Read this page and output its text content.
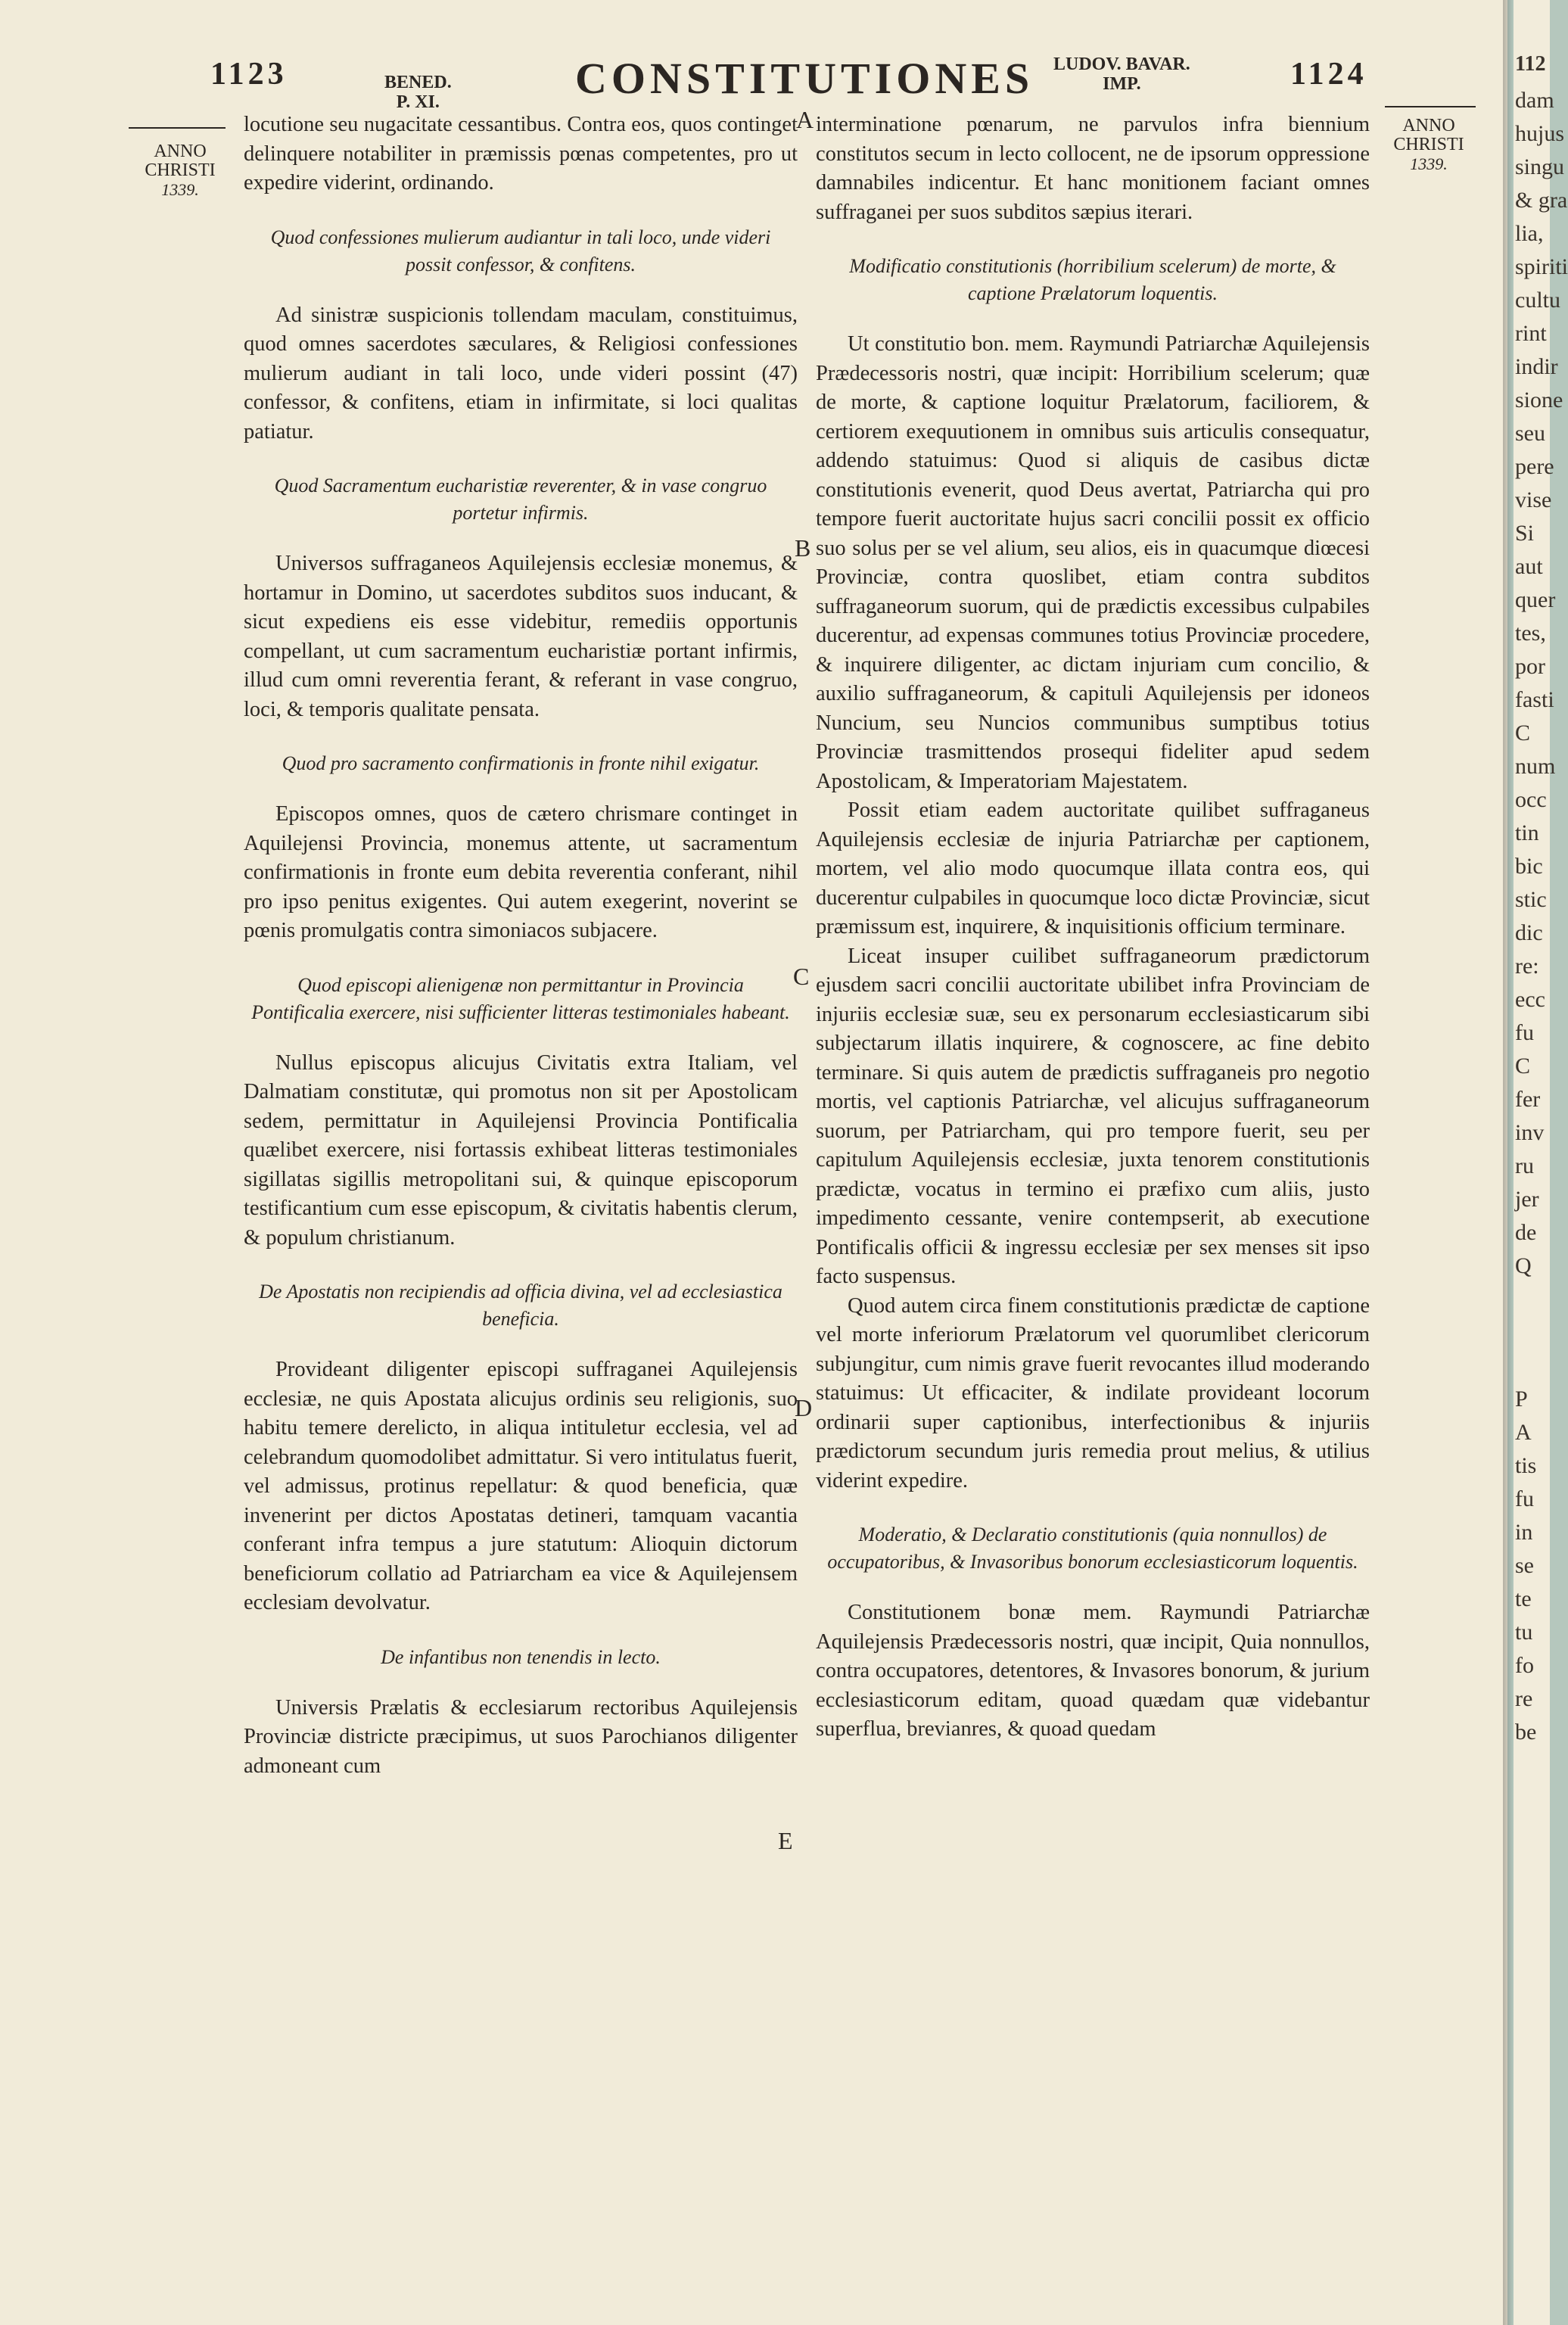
1123	BENED.
P. XI.	CONSTITUTIONES LUDOV. BAVAR.
IMP.	1124
ANNO
CHRISTI
1339.
ANNO
CHRISTI
1339.
A
B
C
D
E

locutione seu nugacitate cessantibus. Contra eos, quos continget delinquere notabiliter in præmissis pœnas competentes, pro ut expedire viderint, ordinando.

Quod confessiones mulierum audiantur in tali loco, unde videri possit confessor, & confitens.

Ad sinistræ suspicionis tollendam maculam, constituimus, quod omnes sacerdotes sæculares, & Religiosi confessiones mulierum audiant in tali loco, unde videri possint (47) confessor, & confitens, etiam in infirmitate, si loci qualitas patiatur.

Quod Sacramentum eucharistiæ reverenter, & in vase congruo portetur infirmis.

Universos suffraganeos Aquilejensis ecclesiæ monemus, & hortamur in Domino, ut sacerdotes subditos suos inducant, & sicut expediens eis esse videbitur, remediis opportunis compellant, ut cum sacramentum eucharistiæ portant infirmis, illud cum omni reverentia ferant, & referant in vase congruo, loci, & temporis qualitate pensata.

Quod pro sacramento confirmationis in fronte nihil exigatur.

Episcopos omnes, quos de cætero chrismare continget in Aquilejensi Provincia, monemus attente, ut sacramentum confirmationis in fronte eum debita reverentia conferant, nihil pro ipso penitus exigentes. Qui autem exegerint, noverint se pœnis promulgatis contra simoniacos subjacere.

Quod episcopi alienigenæ non permittantur in Provincia Pontificalia exercere, nisi sufficienter litteras testimoniales habeant.

Nullus episcopus alicujus Civitatis extra Italiam, vel Dalmatiam constitutæ, qui promotus non sit per Apostolicam sedem, permittatur in Aquilejensi Provincia Pontificalia quælibet exercere, nisi fortassis exhibeat litteras testimoniales sigillatas sigillis metropolitani sui, & quinque episcoporum testificantium cum esse episcopum, & civitatis habentis clerum, & populum christianum.

De Apostatis non recipiendis ad officia divina, vel ad ecclesiastica beneficia.

Provideant diligenter episcopi suffraganei Aquilejensis ecclesiæ, ne quis Apostata alicujus ordinis seu religionis, suo habitu temere derelicto, in aliqua intituletur ecclesia, vel ad celebrandum quomodolibet admittatur. Si vero intitulatus fuerit, vel admissus, protinus repellatur: & quod beneficia, quæ invenerint per dictos Apostatas detineri, tamquam vacantia conferant infra tempus a jure statutum: Alioquin dictorum beneficiorum collatio ad Patriarcham ea vice & Aquilejensem ecclesiam devolvatur.

De infantibus non tenendis in lecto.

Universis Prælatis & ecclesiarum rectoribus Aquilejensis Provinciæ districte præcipimus, ut suos Parochianos diligenter admoneant cum

interminatione pœnarum, ne parvulos infra biennium constitutos secum in lecto collocent, ne de ipsorum oppressione damnabiles indicentur. Et hanc monitionem faciant omnes suffraganei per suos subditos sæpius iterari.

Modificatio constitutionis (horribilium scelerum) de morte, & captione Prælatorum loquentis.

Ut constitutio bon. mem. Raymundi Patriarchæ Aquilejensis Prædecessoris nostri, quæ incipit: Horribilium scelerum; quæ de morte, & captione loquitur Prælatorum, faciliorem, & certiorem exequutionem in omnibus suis articulis consequatur, addendo statuimus: Quod si aliquis de casibus dictæ constitutionis evenerit, quod Deus avertat, Patriarcha qui pro tempore fuerit auctoritate hujus sacri concilii possit ex officio suo solus per se vel alium, seu alios, eis in quacumque diœcesi Provinciæ, contra quoslibet, etiam contra subditos suffraganeorum suorum, qui de prædictis excessibus culpabiles ducerentur, ad expensas communes totius Provinciæ procedere, & inquirere diligenter, ac dictam injuriam cum concilio, & auxilio suffraganeorum, & capituli Aquilejensis per idoneos Nuncium, seu Nuncios communibus sumptibus totius Provinciæ trasmittendos prosequi fideliter apud sedem Apostolicam, & Imperatoriam Majestatem.

Possit etiam eadem auctoritate quilibet suffraganeus Aquilejensis ecclesiæ de injuria Patriarchæ per captionem, mortem, vel alio modo quocumque illata contra eos, qui ducerentur culpabiles in quocumque loco dictæ Provinciæ, sicut præmissum est, inquirere, & inquisitionis officium terminare.

Liceat insuper cuilibet suffraganeorum prædictorum ejusdem sacri concilii auctoritate ubilibet infra Provinciam de injuriis ecclesiæ suæ, seu ex personarum ecclesiasticarum sibi subjectarum illatis inquirere, & cognoscere, ac fine debito terminare. Si quis autem de prædictis suffraganeis pro negotio mortis, vel captionis Patriarchæ, vel alicujus suffraganeorum suorum, per Patriarcham, qui pro tempore fuerit, seu per capitulum Aquilejensis ecclesiæ, juxta tenorem constitutionis prædictæ, vocatus in termino ei præfixo cum aliis, justo impedimento cessante, venire contempserit, ab executione Pontificalis officii & ingressu ecclesiæ per sex menses sit ipso facto suspensus.

Quod autem circa finem constitutionis prædictæ de captione vel morte inferiorum Prælatorum vel quorumlibet clericorum subjungitur, cum nimis grave fuerit revocantes illud moderando statuimus: Ut efficaciter, & indilate provideant locorum ordinarii super captionibus, interfectionibus & injuriis prædictorum secundum juris remedia prout melius, & utilius viderint expedire.

Moderatio, & Declaratio constitutionis (quia nonnullos) de occupatoribus, & Invasoribus bonorum ecclesiasticorum loquentis.

Constitutionem bonæ mem. Raymundi Patriarchæ Aquilejensis Prædecessoris nostri, quæ incipit, Quia nonnullos, contra occupatores, detentores, & Invasores bonorum, & jurium ecclesiasticorum editam, quoad quædam quæ videbantur superflua, brevianres, & quoad quedam

112
dam
hujus
singu
& gra
lia,
spiriti
cultu
rint
indir
sione
seu
pere
vise
Si
aut
quer
tes,
por
fasti
C
num
occ
tin
bic
stic
dic
re:
ecc
fu
C
fer
inv
ru
jer
de
Q
P
A
tis
fu
in
se
te
tu
fo
re
be
